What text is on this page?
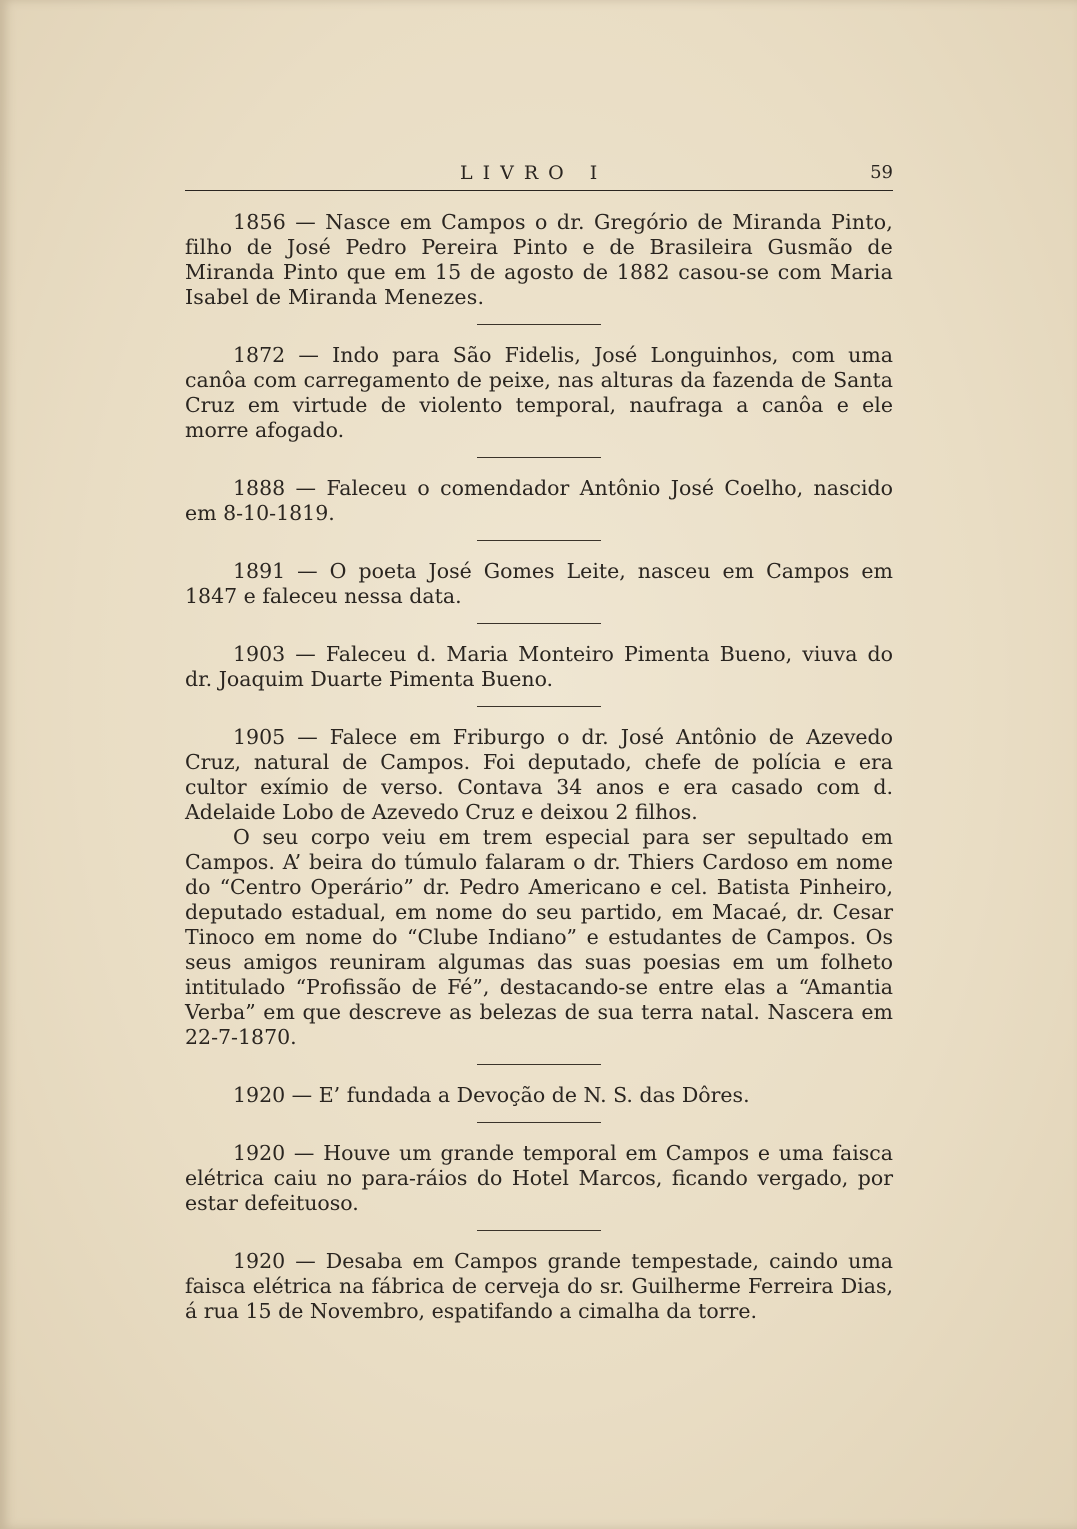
LIVRO I	59

1856 — Nasce em Campos o dr. Gregório de Miranda Pinto, filho de José Pedro Pereira Pinto e de Brasileira Gusmão de Miranda Pinto que em 15 de agosto de 1882 casou-se com Maria Isabel de Miranda Menezes.

1872 — Indo para São Fidelis, José Longuinhos, com uma canôa com carregamento de peixe, nas alturas da fazenda de Santa Cruz em virtude de violento temporal, naufraga a canôa e ele morre afogado.

1888 — Faleceu o comendador Antônio José Coelho, nascido em 8-10-1819.

1891 — O poeta José Gomes Leite, nasceu em Campos em 1847 e faleceu nessa data.

1903 — Faleceu d. Maria Monteiro Pimenta Bueno, viuva do dr. Joaquim Duarte Pimenta Bueno.

1905 — Falece em Friburgo o dr. José Antônio de Azevedo Cruz, natural de Campos. Foi deputado, chefe de polícia e era cultor exímio de verso. Contava 34 anos e era casado com d. Adelaide Lobo de Azevedo Cruz e deixou 2 filhos.

O seu corpo veiu em trem especial para ser sepultado em Campos. A’ beira do túmulo falaram o dr. Thiers Cardoso em nome do “Centro Operário” dr. Pedro Americano e cel. Batista Pinheiro, deputado estadual, em nome do seu partido, em Macaé, dr. Cesar Tinoco em nome do “Clube Indiano” e estudantes de Campos. Os seus amigos reuniram algumas das suas poesias em um folheto intitulado “Profissão de Fé”, destacando-se entre elas a “Amantia Verba” em que descreve as belezas de sua terra natal. Nascera em 22-7-1870.

1920 — E’ fundada a Devoção de N. S. das Dôres.

1920 — Houve um grande temporal em Campos e uma faisca elétrica caiu no para-ráios do Hotel Marcos, ficando vergado, por estar defeituoso.

1920 — Desaba em Campos grande tempestade, caindo uma faisca elétrica na fábrica de cerveja do sr. Guilherme Ferreira Dias, á rua 15 de Novembro, espatifando a cimalha da torre.
